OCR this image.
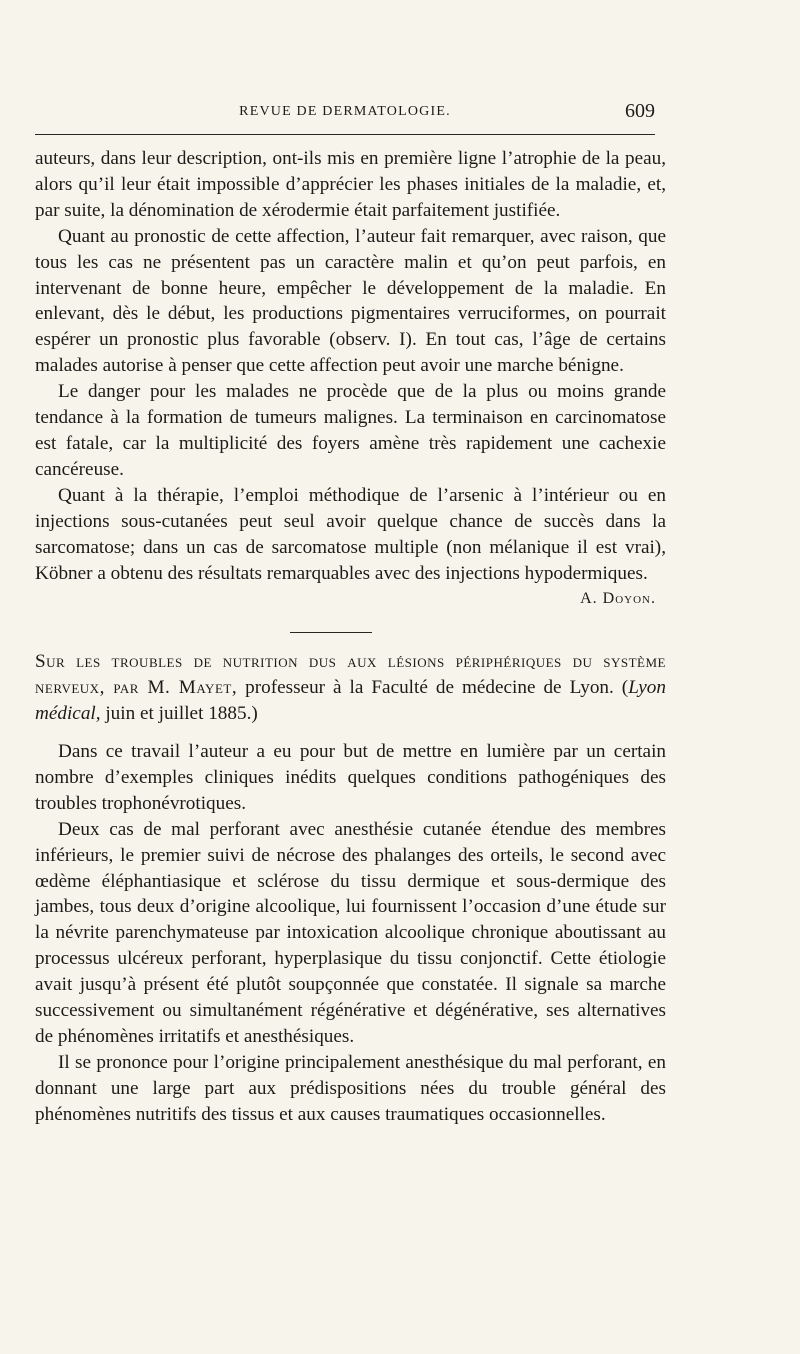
REVUE DE DERMATOLOGIE.	609

auteurs, dans leur description, ont-ils mis en première ligne l’atrophie de la peau, alors qu’il leur était impossible d’apprécier les phases initiales de la maladie, et, par suite, la dénomination de xérodermie était parfaitement justifiée.

Quant au pronostic de cette affection, l’auteur fait remarquer, avec raison, que tous les cas ne présentent pas un caractère malin et qu’on peut parfois, en intervenant de bonne heure, empêcher le développement de la maladie. En enlevant, dès le début, les productions pigmentaires verruciformes, on pourrait espérer un pronostic plus favorable (observ. I). En tout cas, l’âge de certains malades autorise à penser que cette affection peut avoir une marche bénigne.

Le danger pour les malades ne procède que de la plus ou moins grande tendance à la formation de tumeurs malignes. La terminaison en carcinomatose est fatale, car la multiplicité des foyers amène très rapidement une cachexie cancéreuse.

Quant à la thérapie, l’emploi méthodique de l’arsenic à l’intérieur ou en injections sous-cutanées peut seul avoir quelque chance de succès dans la sarcomatose; dans un cas de sarcomatose multiple (non mélanique il est vrai), Köbner a obtenu des résultats remarquables avec des injections hypodermiques.
A. Doyon.

Sur les troubles de nutrition dus aux lésions périphériques du système nerveux, par M. Mayet, professeur à la Faculté de médecine de Lyon. (Lyon médical, juin et juillet 1885.)

Dans ce travail l’auteur a eu pour but de mettre en lumière par un certain nombre d’exemples cliniques inédits quelques conditions pathogéniques des troubles trophonévrotiques.

Deux cas de mal perforant avec anesthésie cutanée étendue des membres inférieurs, le premier suivi de nécrose des phalanges des orteils, le second avec œdème éléphantiasique et sclérose du tissu dermique et sous-dermique des jambes, tous deux d’origine alcoolique, lui fournissent l’occasion d’une étude sur la névrite parenchymateuse par intoxication alcoolique chronique aboutissant au processus ulcéreux perforant, hyperplasique du tissu conjonctif. Cette étiologie avait jusqu’à présent été plutôt soupçonnée que constatée. Il signale sa marche successivement ou simultanément régénérative et dégénérative, ses alternatives de phénomènes irritatifs et anesthésiques.

Il se prononce pour l’origine principalement anesthésique du mal perforant, en donnant une large part aux prédispositions nées du trouble général des phénomènes nutritifs des tissus et aux causes traumatiques occasionnelles.
